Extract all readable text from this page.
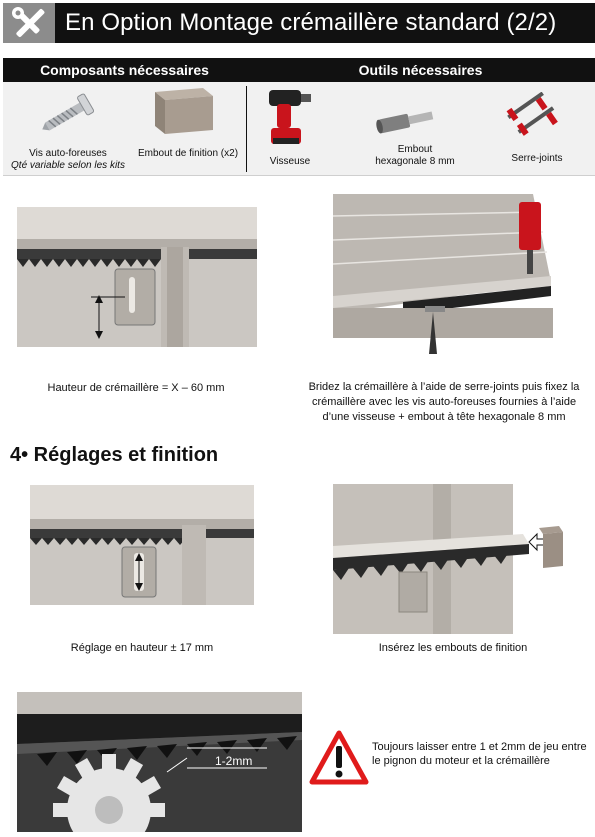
En Option Montage crémaillère standard (2/2)
Composants nécessaires	Outils nécessaires
Vis auto-foreuses
Qté variable selon les kits
Embout de finition (x2)
Visseuse
Embout
hexagonale 8 mm	Serre-joints
Hauteur de crémaillère = X – 60 mm	Bridez la crémaillère à l’aide de serre-joints puis fixez la crémaillère avec les vis auto-foreuses fournies à l’aide d’une visseuse + embout à tête hexagonale 8 mm
4• Réglages et finition
Réglage en hauteur ± 17 mm	Insérez les embouts de finition
1-2mm
Toujours laisser entre 1 et 2mm de jeu entre le pignon du moteur et la crémaillère
